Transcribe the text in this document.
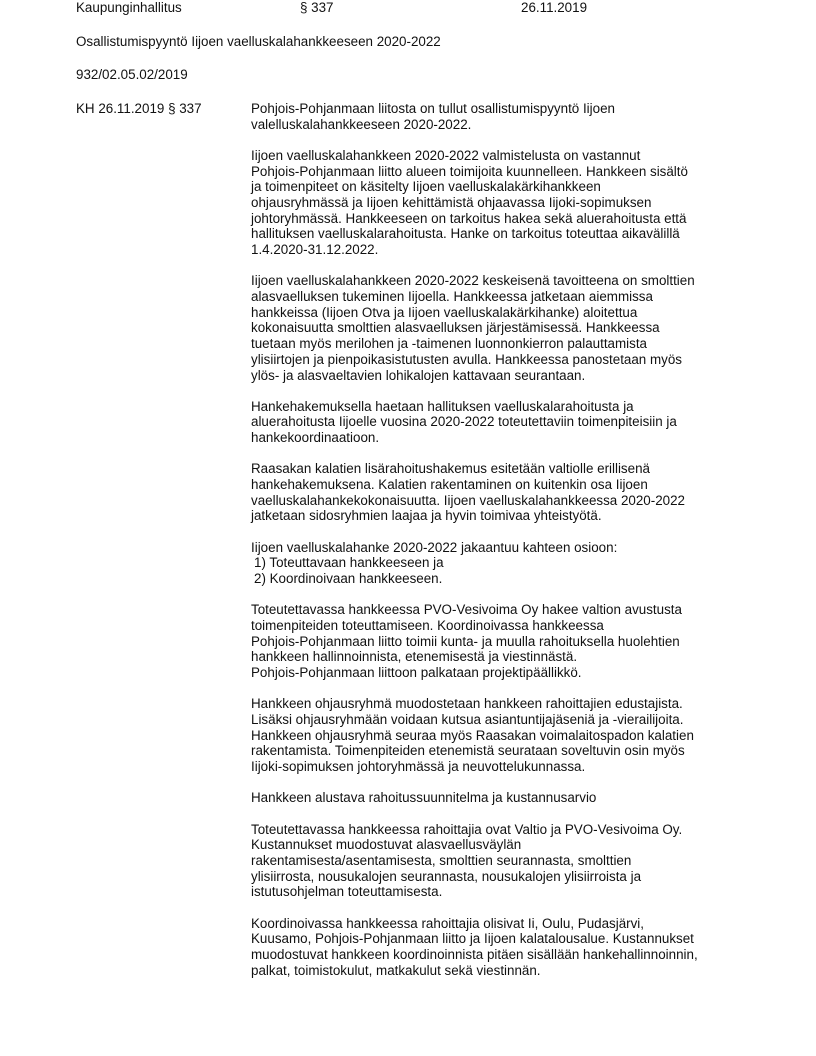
Kaupunginhallitus	§ 337	26.11.2019
Osallistumispyyntö Iijoen vaelluskalahankkeeseen 2020-2022
932/02.05.02/2019
KH 26.11.2019 § 337	Pohjois-Pohjanmaan liitosta on tullut osallistumispyyntö Iijoen
valelluskalahankkeeseen 2020-2022.
Iijoen vaelluskalahankkeen 2020-2022 valmistelusta on vastannut
Pohjois-Pohjanmaan liitto alueen toimijoita kuunnelleen. Hankkeen sisältö
ja toimenpiteet on käsitelty Iijoen vaelluskalakärkihankkeen
ohjausryhmässä ja Iijoen kehittämistä ohjaavassa Iijoki-sopimuksen
johtoryhmässä. Hankkeeseen on tarkoitus hakea sekä aluerahoitusta että
hallituksen vaelluskalarahoitusta. Hanke on tarkoitus toteuttaa aikavälillä
1.4.2020-31.12.2022.
Iijoen vaelluskalahankkeen 2020-2022 keskeisenä tavoitteena on smolttien
alasvaelluksen tukeminen Iijoella. Hankkeessa jatketaan aiemmissa
hankkeissa (Iijoen Otva ja Iijoen vaelluskalakärkihanke) aloitettua
kokonaisuutta smolttien alasvaelluksen järjestämisessä. Hankkeessa
tuetaan myös merilohen ja -taimenen luonnonkierron palauttamista
ylisiirtojen ja pienpoikasistutusten avulla. Hankkeessa panostetaan myös
ylös- ja alasvaeltavien lohikalojen kattavaan seurantaan.
Hankehakemuksella haetaan hallituksen vaelluskalarahoitusta ja
aluerahoitusta Iijoelle vuosina 2020-2022 toteutettaviin toimenpiteisiin ja
hankekoordinaatioon.
Raasakan kalatien lisärahoitushakemus esitetään valtiolle erillisenä
hankehakemuksena. Kalatien rakentaminen on kuitenkin osa Iijoen
vaelluskalahankekokonaisuutta. Iijoen vaelluskalahankkeessa 2020-2022
jatketaan sidosryhmien laajaa ja hyvin toimivaa yhteistyötä.
Iijoen vaelluskalahanke 2020-2022 jakaantuu kahteen osioon:
1) Toteuttavaan hankkeeseen ja
2) Koordinoivaan hankkeeseen.
Toteutettavassa hankkeessa PVO-Vesivoima Oy hakee valtion avustusta
toimenpiteiden toteuttamiseen. Koordinoivassa hankkeessa
Pohjois-Pohjanmaan liitto toimii kunta- ja muulla rahoituksella huolehtien
hankkeen hallinnoinnista, etenemisestä ja viestinnästä.
Pohjois-Pohjanmaan liittoon palkataan projektipäällikkö.
Hankkeen ohjausryhmä muodostetaan hankkeen rahoittajien edustajista.
Lisäksi ohjausryhmään voidaan kutsua asiantuntijajäseniä ja -vierailijoita.
Hankkeen ohjausryhmä seuraa myös Raasakan voimalaitospadon kalatien
rakentamista. Toimenpiteiden etenemistä seurataan soveltuvin osin myös
Iijoki-sopimuksen johtoryhmässä ja neuvottelukunnassa.
Hankkeen alustava rahoitussuunnitelma ja kustannusarvio
Toteutettavassa hankkeessa rahoittajia ovat Valtio ja PVO-Vesivoima Oy.
Kustannukset muodostuvat alasvaellusväylän
rakentamisesta/asentamisesta, smolttien seurannasta, smolttien
ylisiirrosta, nousukalojen seurannasta, nousukalojen ylisiirroista ja
istutusohjelman toteuttamisesta.
Koordinoivassa hankkeessa rahoittajia olisivat Ii, Oulu, Pudasjärvi,
Kuusamo, Pohjois-Pohjanmaan liitto ja Iijoen kalatalousalue. Kustannukset
muodostuvat hankkeen koordinoinnista pitäen sisällään hankehallinnoinnin,
palkat, toimistokulut, matkakulut sekä viestinnän.
